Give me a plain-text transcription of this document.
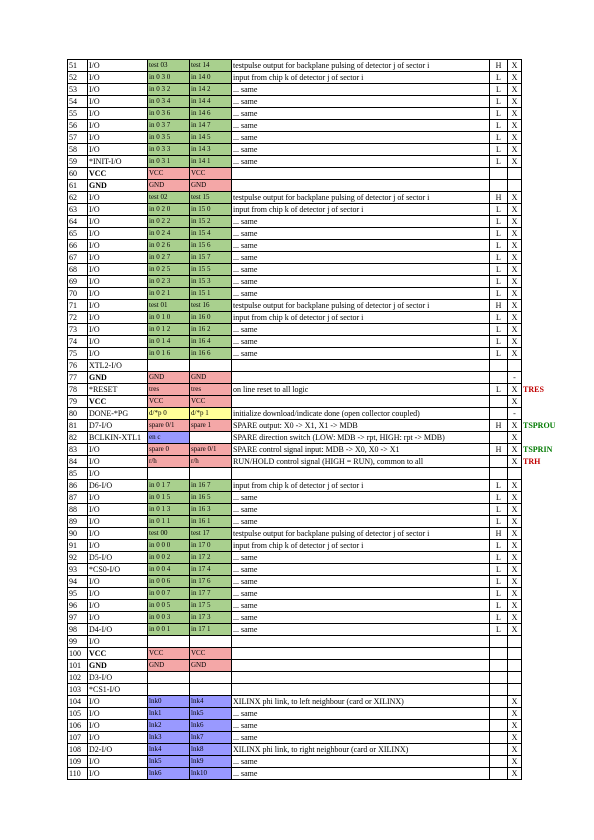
51	I/O	test 03	test 14	testpulse output for backplane pulsing of detector j of sector i	H	X	
52	I/O	in 0 3 0	in 14 0	input from chip k of detector j of sector i	L	X	
53	I/O	in 0 3 2	in 14 2	... same	L	X	
54	I/O	in 0 3 4	in 14 4	... same	L	X	
55	I/O	in 0 3 6	in 14 6	... same	L	X	
56	I/O	in 0 3 7	in 14 7	... same	L	X	
57	I/O	in 0 3 5	in 14 5	... same	L	X	
58	I/O	in 0 3 3	in 14 3	... same	L	X	
59	*INIT-I/O	in 0 3 1	in 14 1	... same	L	X	
60	VCC	VCC	VCC				
61	GND	GND	GND				
62	I/O	test 02	test 15	testpulse output for backplane pulsing of detector j of sector i	H	X	
63	I/O	in 0 2 0	in 15 0	input from chip k of detector j of sector i	L	X	
64	I/O	in 0 2 2	in 15 2	... same	L	X	
65	I/O	in 0 2 4	in 15 4	... same	L	X	
66	I/O	in 0 2 6	in 15 6	... same	L	X	
67	I/O	in 0 2 7	in 15 7	... same	L	X	
68	I/O	in 0 2 5	in 15 5	... same	L	X	
69	I/O	in 0 2 3	in 15 3	... same	L	X	
70	I/O	in 0 2 1	in 15 1	... same	L	X	
71	I/O	test 01	test 16	testpulse output for backplane pulsing of detector j of sector i	H	X	
72	I/O	in 0 1 0	in 16 0	input from chip k of detector j of sector i	L	X	
73	I/O	in 0 1 2	in 16 2	... same	L	X	
74	I/O	in 0 1 4	in 16 4	... same	L	X	
75	I/O	in 0 1 6	in 16 6	... same	L	X	
76	XTL2-I/O						
77	GND	GND	GND			-	
78	*RESET	tres	tres	on line reset to all logic	L	X	TRES
79	VCC	VCC	VCC			X	
80	DONE-*PG	d/*p 0	d/*p 1	initialize download/indicate done (open collector coupled)		-	
81	D7-I/O	spare 0/1	spare 1	SPARE output: X0 -> X1, X1 -> MDB	H	X	TSPROU
82	BCLKIN-XTL1	en c		SPARE direction switch (LOW: MDB -> rpt, HIGH: rpt -> MDB)		X	
83	I/O	spare 0	spare 0/1	SPARE control signal input: MDB -> X0, X0 -> X1	H	X	TSPRIN
84	I/O	r/h	r/h	RUN/HOLD control signal (HIGH = RUN), common to all		X	TRH
85	I/O						
86	D6-I/O	in 0 1 7	in 16 7	input from chip k of detector j of sector i	L	X	
87	I/O	in 0 1 5	in 16 5	... same	L	X	
88	I/O	in 0 1 3	in 16 3	... same	L	X	
89	I/O	in 0 1 1	in 16 1	... same	L	X	
90	I/O	test 00	test 17	testpulse output for backplane pulsing of detector j of sector i	H	X	
91	I/O	in 0 0 0	in 17 0	input from chip k of detector j of sector i	L	X	
92	D5-I/O	in 0 0 2	in 17 2	... same	L	X	
93	*CS0-I/O	in 0 0 4	in 17 4	... same	L	X	
94	I/O	in 0 0 6	in 17 6	... same	L	X	
95	I/O	in 0 0 7	in 17 7	... same	L	X	
96	I/O	in 0 0 5	in 17 5	... same	L	X	
97	I/O	in 0 0 3	in 17 3	... same	L	X	
98	D4-I/O	in 0 0 1	in 17 1	... same	L	X	
99	I/O						
100	VCC	VCC	VCC				
101	GND	GND	GND				
102	D3-I/O						
103	*CS1-I/O						
104	I/O	lnk0	lnk4	XILINX phi link, to left neighbour (card or XILINX)		X	
105	I/O	lnk1	lnk5	... same		X	
106	I/O	lnk2	lnk6	... same		X	
107	I/O	lnk3	lnk7	... same		X	
108	D2-I/O	lnk4	lnk8	XILINX phi link, to right neighbour (card or XILINX)		X	
109	I/O	lnk5	lnk9	... same		X	
110	I/O	lnk6	lnk10	... same		X	
